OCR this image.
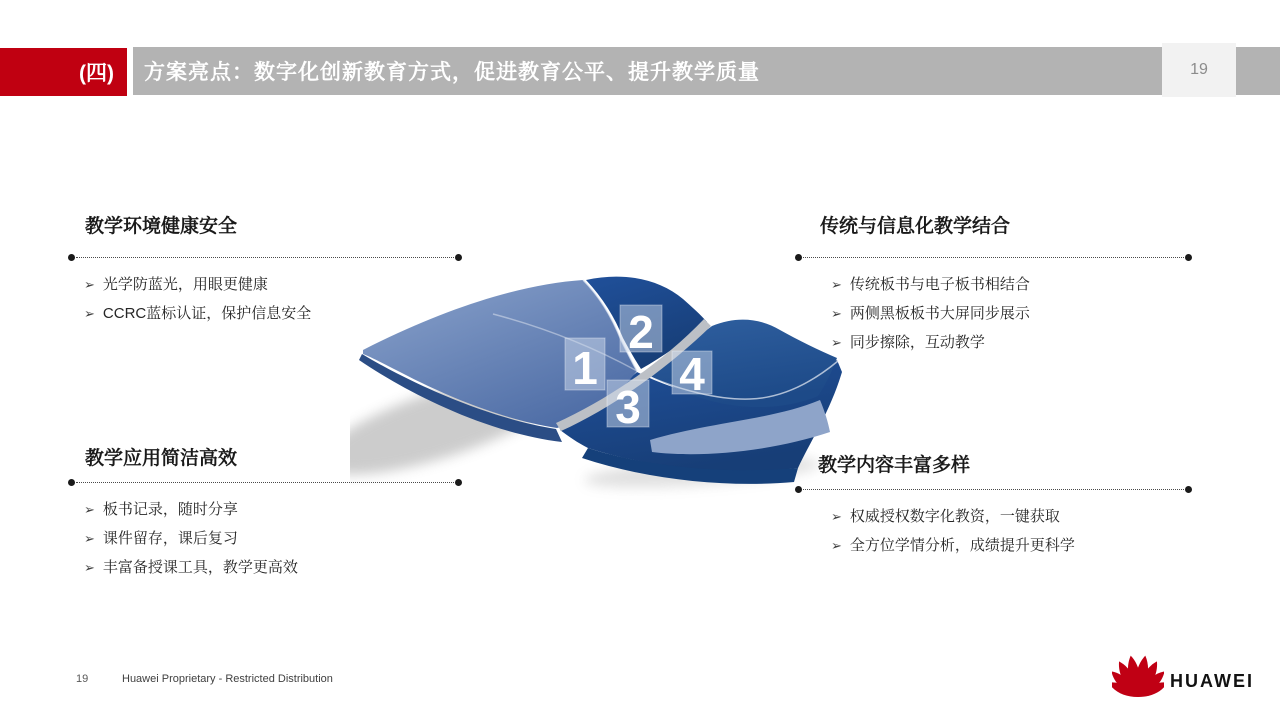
(四)	方案亮点：数字化创新教育方式，促进教育公平、提升教学质量	19

教学环境健康安全

➢ 光学防蓝光，用眼更健康
➢ CCRC蓝标认证，保护信息安全

传统与信息化教学结合

➢ 传统板书与电子板书相结合
➢ 两侧黑板板书大屏同步展示
➢ 同步擦除，互动教学

教学应用简洁高效

➢ 板书记录，随时分享
➢ 课件留存，课后复习
➢ 丰富备授课工具，教学更高效

教学内容丰富多样

➢ 权威授权数字化教资，一键获取
➢ 全方位学情分析，成绩提升更科学
1
2
3
4
19	Huawei Proprietary - Restricted Distribution	HUAWEI
